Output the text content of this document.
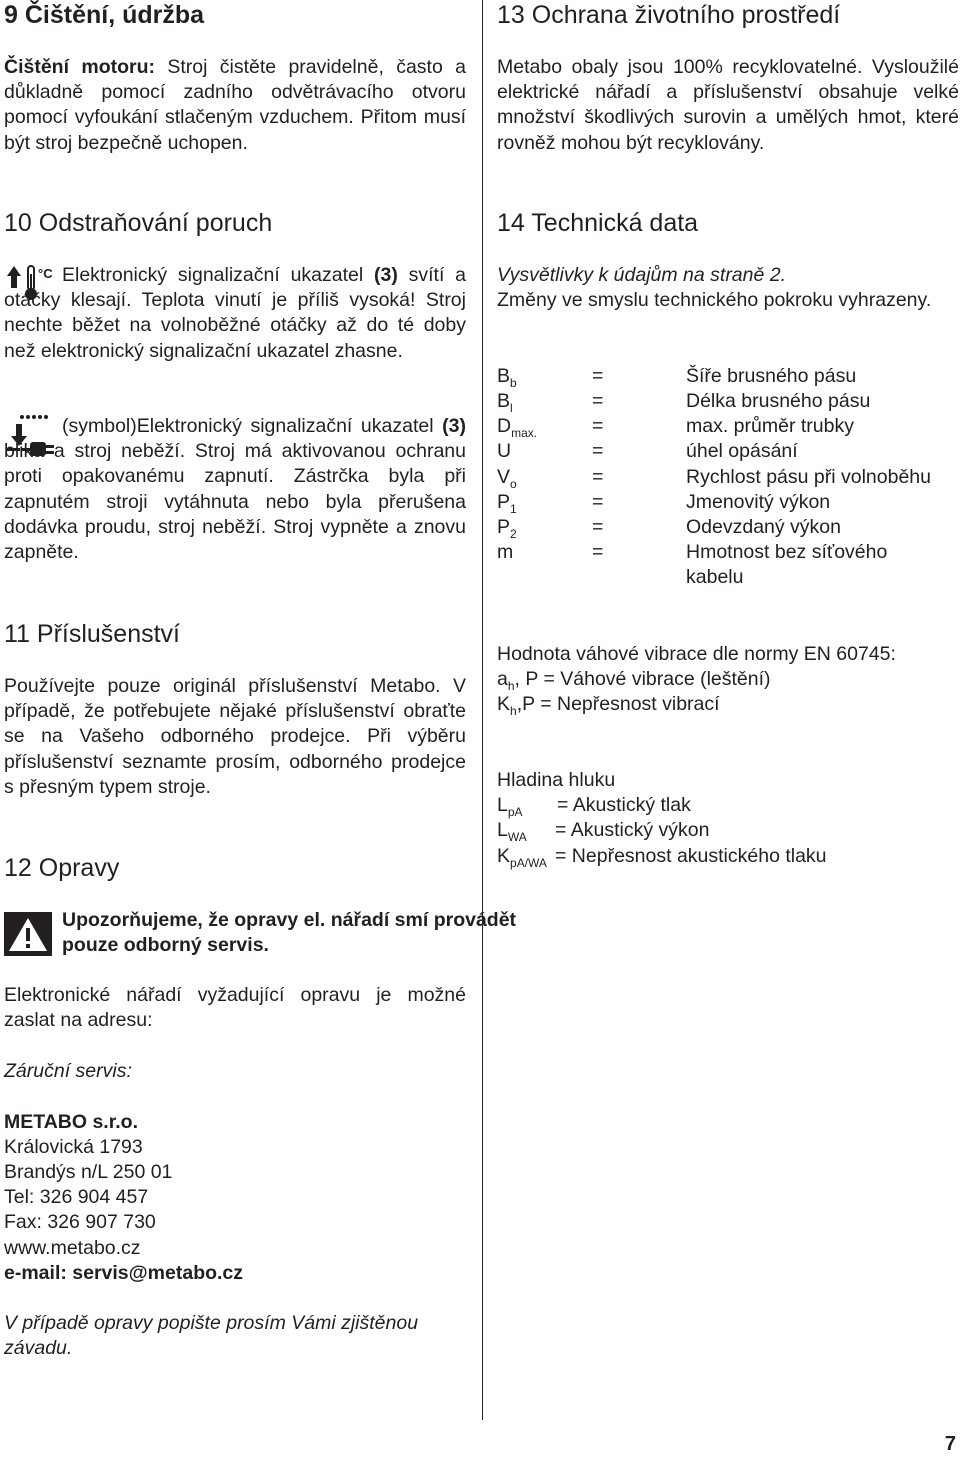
9 Čištění, údržba

Čištění motoru: Stroj čistěte pravidelně, často a důkladně pomocí zadního odvětrávacího otvoru pomocí vyfoukání stlačeným vzduchem. Přitom musí být stroj bezpečně uchopen.

10 Odstraňování poruch
°C Elektronický signalizační ukazatel (3) svítí a otáčky klesají. Teplota vinutí je příliš vysoká! Stroj nechte běžet na volnoběžné otáčky až do té doby než elektronický signalizační ukazatel zhasne.

(symbol)Elektronický signalizační ukazatel (3) bliká a stroj neběží. Stroj má aktivovanou ochranu proti opakovanému zapnutí. Zástrčka byla při zapnutém stroji vytáhnuta nebo byla přerušena dodávka proudu, stroj neběží. Stroj vypněte a znovu zapněte.

11 Příslušenství

Používejte pouze originál příslušenství Metabo. V případě, že potřebujete nějaké příslušenství obraťte se na Vašeho odborného prodejce. Při výběru příslušenství seznamte prosím, odborného prodejce s přesným typem stroje.

12 Opravy

Upozorňujeme, že opravy el. nářadí smí provádět pouze odborný servis.

Elektronické nářadí vyžadující opravu je možné zaslat na adresu:

Záruční servis:

METABO s.r.o.

Královická 1793

Brandýs n/L 250 01

Tel: 326 904 457

Fax: 326 907 730

www.metabo.cz

e-mail: servis@metabo.cz

V případě opravy popište prosím Vámi zjištěnou závadu.

13 Ochrana životního prostředí

Metabo obaly jsou 100% recyklovatelné. Vysloužilé elektrické nářadí a příslušenství obsahuje velké množství škodlivých surovin a umělých hmot, které rovněž mohou být recyklovány.

14 Technická data

Vysvětlivky k údajům na straně 2.

Změny ve smyslu technického pokroku vyhrazeny.

$B_b$	=	Šíře brusného pásu
$B_l$	=	Délka brusného pásu
$D_{max.}$	=	max. průměr trubky
U	=	úhel opásání
$V_o$	=	Rychlost pásu při volnoběhu
$P_1$	=	Jmenovitý výkon
$P_2$	=	Odevzdaný výkon
m	=	Hmotnost bez síťového kabelu

Hodnota váhové vibrace dle normy EN 60745:

$a_h$, P = Váhové vibrace (leštění)

$K_h,P$ = Nepřesnost vibrací

Hladina hluku

$L_{pA}$ = Akustický tlak

$L_{WA}$ = Akustický výkon

$K_{pA/WA}$ = Nepřesnost akustického tlaku

7
